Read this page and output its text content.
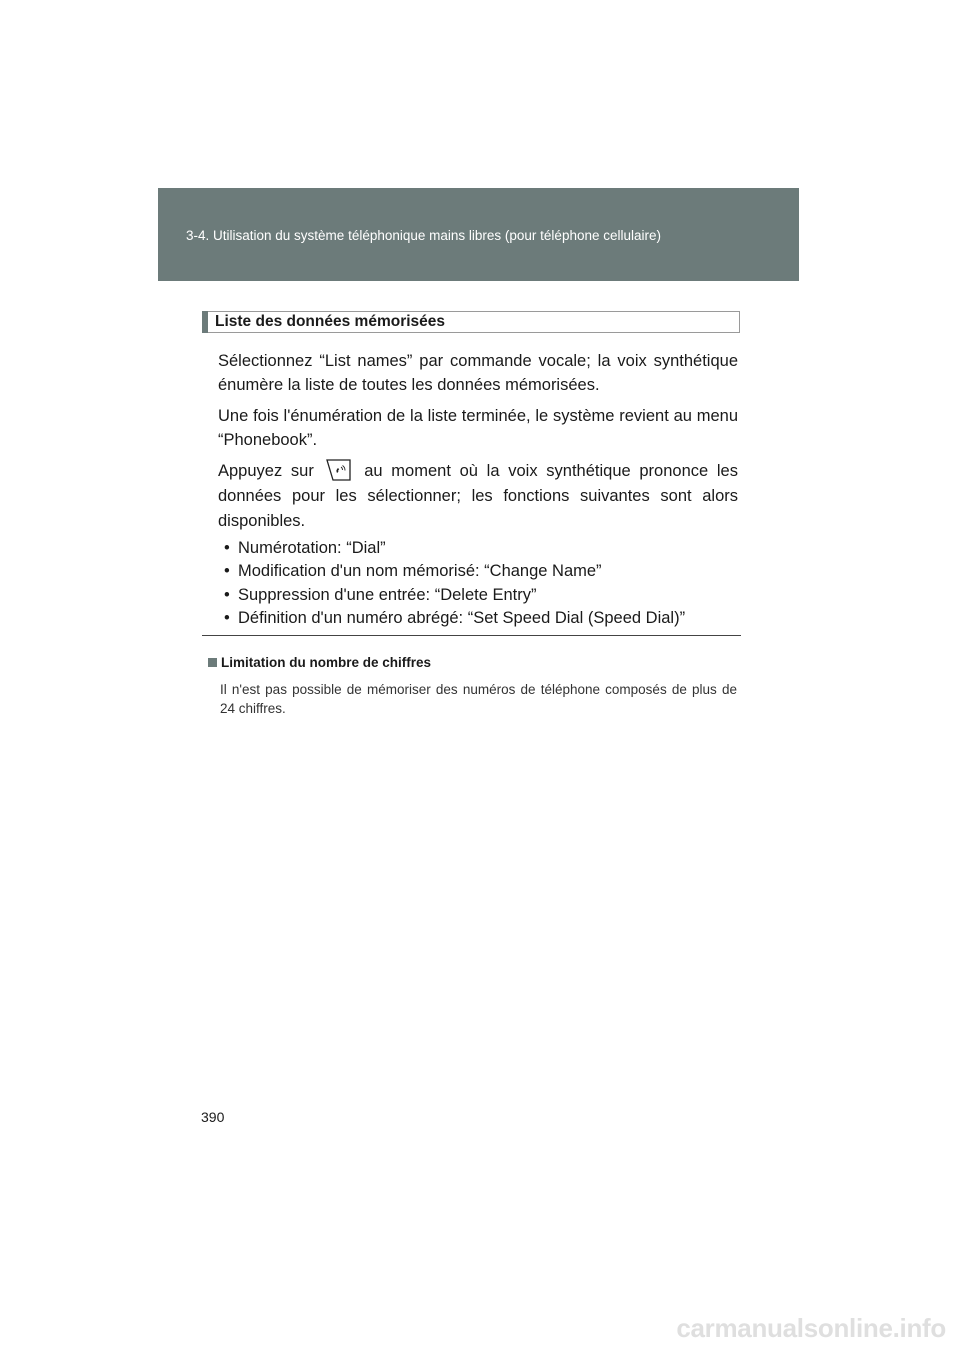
3-4. Utilisation du système téléphonique mains libres (pour téléphone cellulaire)
Liste des données mémorisées
Sélectionnez “List names” par commande vocale; la voix synthétique énumère la liste de toutes les données mémorisées.
Une fois l'énumération de la liste terminée, le système revient au menu “Phonebook”.
Appuyez sur  au moment où la voix synthétique prononce les données pour les sélectionner; les fonctions suivantes sont alors disponibles.
• Numérotation: “Dial”
• Modification d'un nom mémorisé: “Change Name”
• Suppression d'une entrée: “Delete Entry”
• Définition d'un numéro abrégé: “Set Speed Dial (Speed Dial)”
Limitation du nombre de chiffres
Il n'est pas possible de mémoriser des numéros de téléphone composés de plus de 24 chiffres.
390
carmanualsonline.info
